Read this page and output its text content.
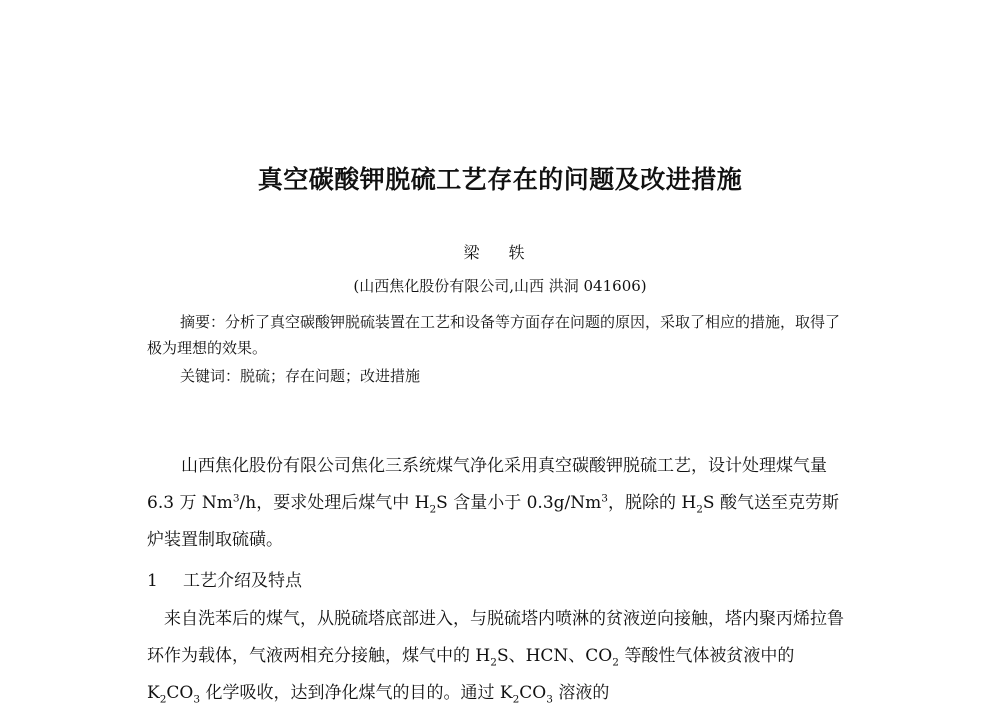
真空碳酸钾脱硫工艺存在的问题及改进措施
梁 轶
(山西焦化股份有限公司,山西 洪洞 041606)
摘要：分析了真空碳酸钾脱硫装置在工艺和设备等方面存在问题的原因，采取了相应的措施，取得了极为理想的效果。
关键词：脱硫；存在问题；改进措施
山西焦化股份有限公司焦化三系统煤气净化采用真空碳酸钾脱硫工艺，设计处理煤气量 6.3 万 Nm$^3$/h，要求处理后煤气中 $H_2S$ 含量小于 0.3g/Nm$^3$，脱除的 $H_2S$ 酸气送至克劳斯炉装置制取硫磺。
1 工艺介绍及特点
来自洗苯后的煤气，从脱硫塔底部进入，与脱硫塔内喷淋的贫液逆向接触，塔内聚丙烯拉鲁环作为载体，气液两相充分接触，煤气中的 $H_2S$、HCN、$CO_2$ 等酸性气体被贫液中的 $K_2CO_3$ 化学吸收，达到净化煤气的目的。通过 $K_2CO_3$ 溶液的
